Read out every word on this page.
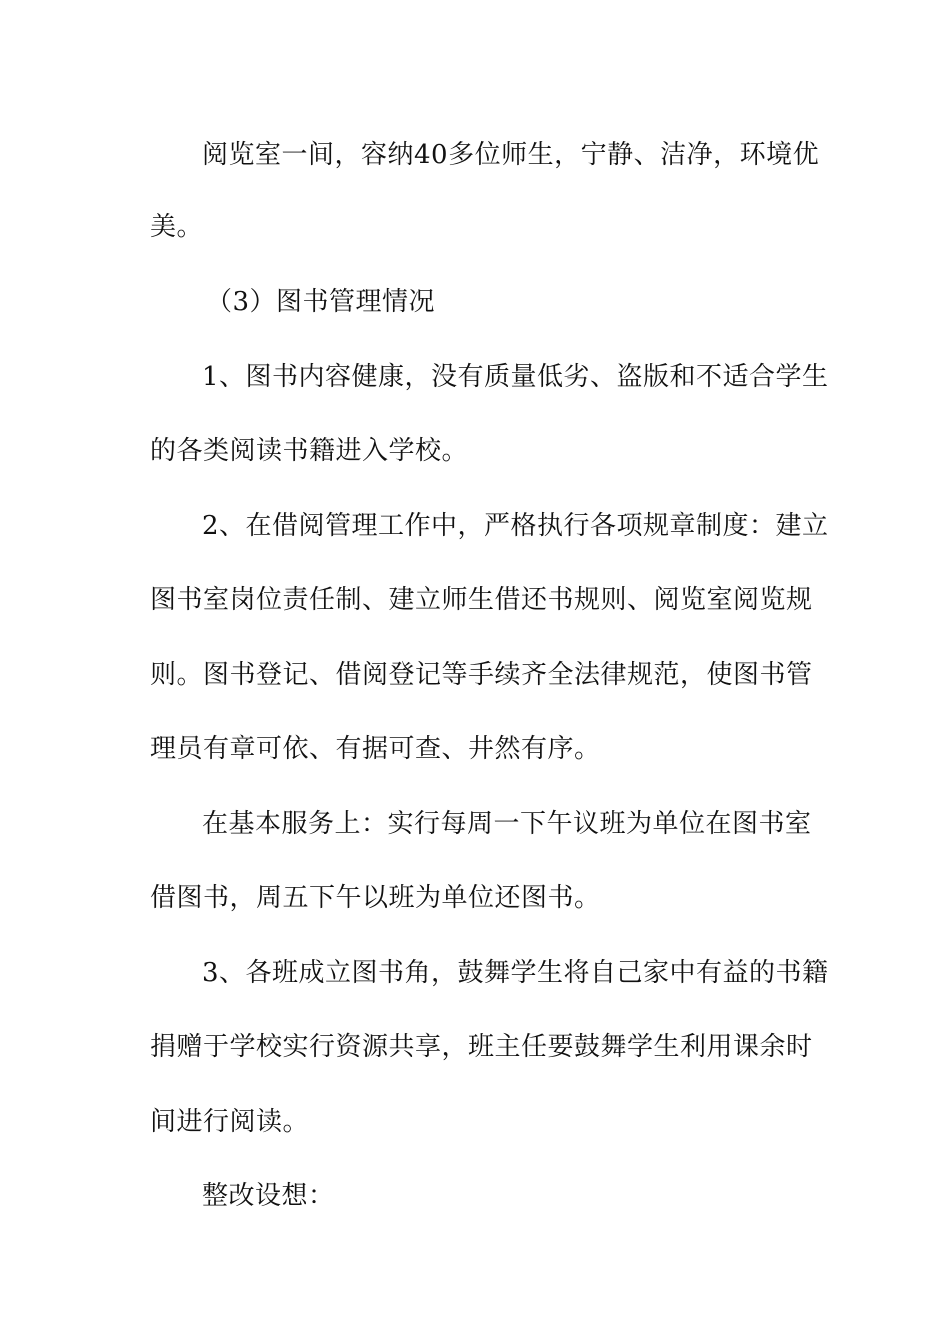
阅览室一间，容纳40多位师生，宁静、洁净，环境优
美。
（3）图书管理情况
1、图书内容健康，没有质量低劣、盗版和不适合学生
的各类阅读书籍进入学校。
2、在借阅管理工作中，严格执行各项规章制度：建立
图书室岗位责任制、建立师生借还书规则、阅览室阅览规
则。图书登记、借阅登记等手续齐全法律规范，使图书管
理员有章可依、有据可查、井然有序。
在基本服务上：实行每周一下午议班为单位在图书室
借图书，周五下午以班为单位还图书。
3、各班成立图书角，鼓舞学生将自己家中有益的书籍
捐赠于学校实行资源共享，班主任要鼓舞学生利用课余时
间进行阅读。
整改设想：
